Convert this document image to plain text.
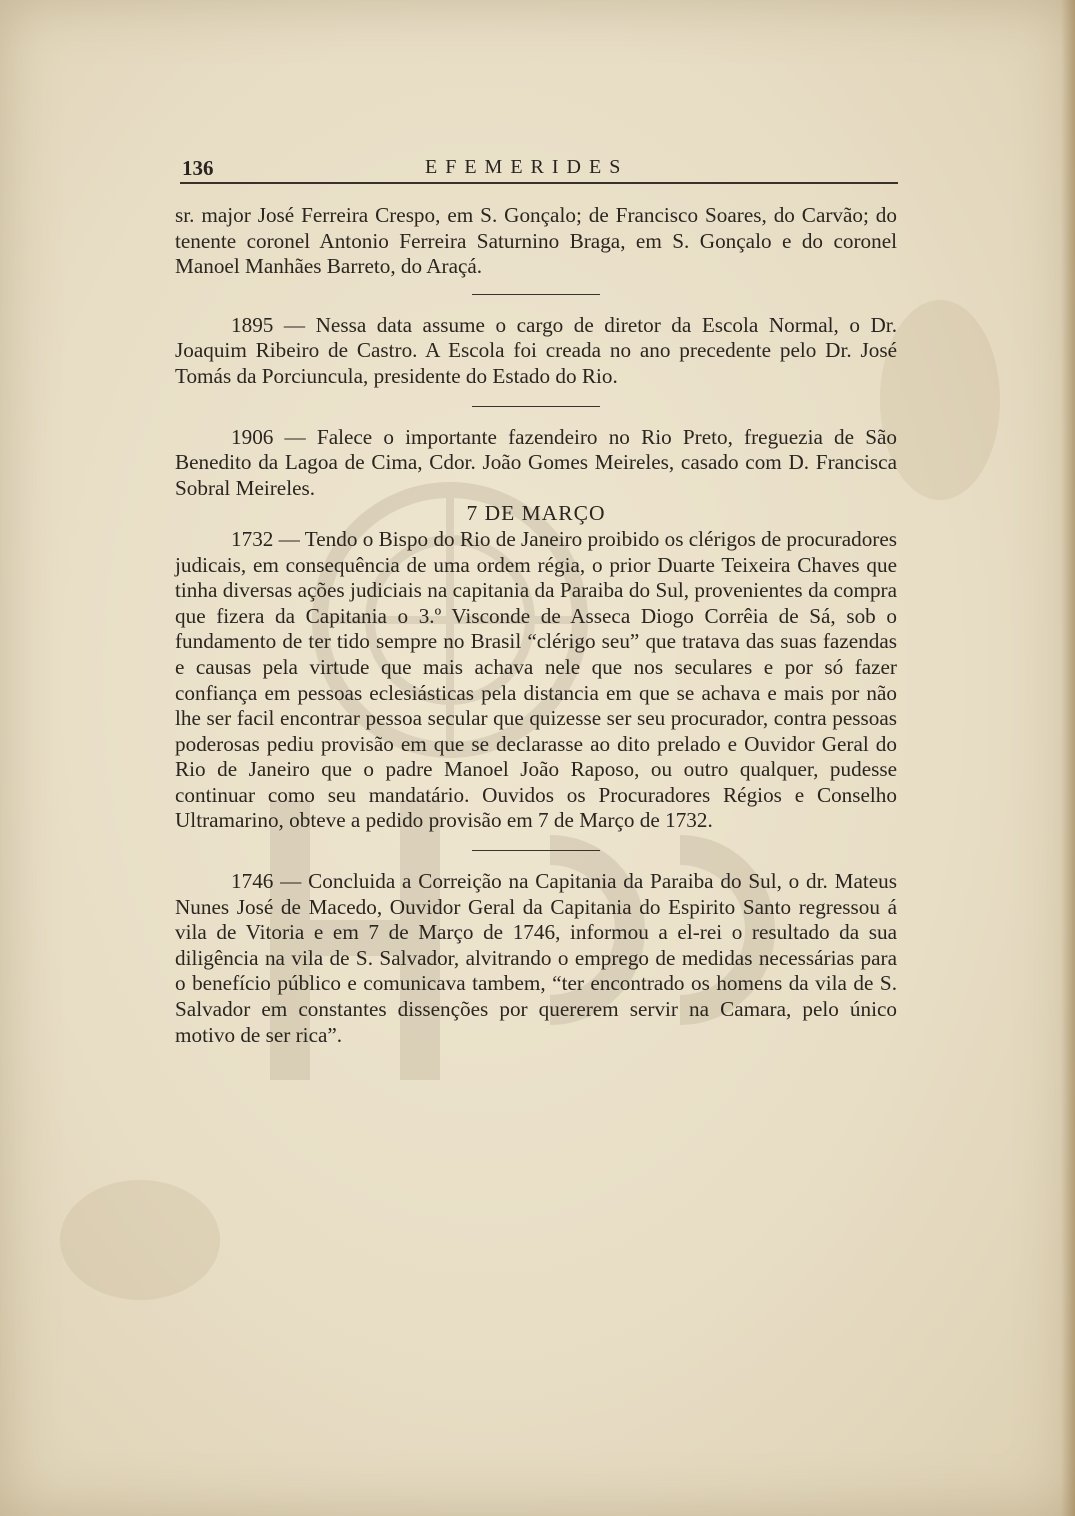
136	EFEMERIDES

sr. major José Ferreira Crespo, em S. Gonçalo; de Francisco Soares, do Carvão; do tenente coronel Antonio Ferreira Saturnino Braga, em S. Gonçalo e do coronel Manoel Manhães Barreto, do Araçá.

1895 — Nessa data assume o cargo de diretor da Escola Normal, o Dr. Joaquim Ribeiro de Castro. A Escola foi creada no ano precedente pelo Dr. José Tomás da Porciuncula, presidente do Estado do Rio.

1906 — Falece o importante fazendeiro no Rio Preto, freguezia de São Benedito da Lagoa de Cima, Cdor. João Gomes Meireles, casado com D. Francisca Sobral Meireles.

7 DE MARÇO

1732 — Tendo o Bispo do Rio de Janeiro proibido os clérigos de procuradores judicais, em consequência de uma ordem régia, o prior Duarte Teixeira Chaves que tinha diversas ações judiciais na capitania da Paraiba do Sul, provenientes da compra que fizera da Capitania o 3.º Visconde de Asseca Diogo Corrêia de Sá, sob o fundamento de ter tido sempre no Brasil “clérigo seu” que tratava das suas fazendas e causas pela virtude que mais achava nele que nos seculares e por só fazer confiança em pessoas eclesiásticas pela distancia em que se achava e mais por não lhe ser facil encontrar pessoa secular que quizesse ser seu procurador, contra pessoas poderosas pediu provisão em que se declarasse ao dito prelado e Ouvidor Geral do Rio de Janeiro que o padre Manoel João Raposo, ou outro qualquer, pudesse continuar como seu mandatário. Ouvidos os Procuradores Régios e Conselho Ultramarino, obteve a pedido provisão em 7 de Março de 1732.

1746 — Concluida a Correição na Capitania da Paraiba do Sul, o dr. Mateus Nunes José de Macedo, Ouvidor Geral da Capitania do Espirito Santo regressou á vila de Vitoria e em 7 de Março de 1746, informou a el-rei o resultado da sua diligência na vila de S. Salvador, alvitrando o emprego de medidas necessárias para o benefício público e comunicava tambem, “ter encontrado os homens da vila de S. Salvador em constantes dissenções por quererem servir na Camara, pelo único motivo de ser rica”.
